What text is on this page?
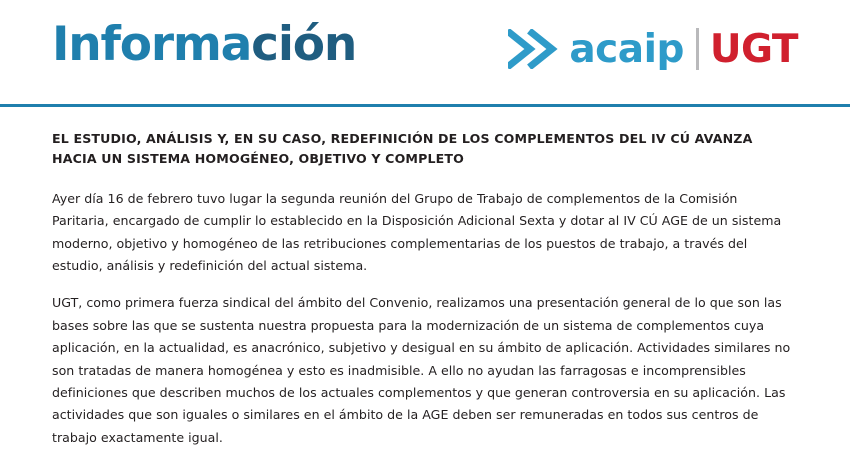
Información	acaip UGT

EL ESTUDIO, ANÁLISIS Y, EN SU CASO, REDEFINICIÓN DE LOS COMPLEMENTOS DEL IV CÚ AVANZA HACIA UN SISTEMA HOMOGÉNEO, OBJETIVO Y COMPLETO

Ayer día 16 de febrero tuvo lugar la segunda reunión del Grupo de Trabajo de complementos de la Comisión Paritaria, encargado de cumplir lo establecido en la Disposición Adicional Sexta y dotar al IV CÚ AGE de un sistema moderno, objetivo y homogéneo de las retribuciones complementarias de los puestos de trabajo, a través del estudio, análisis y redefinición del actual sistema.

UGT, como primera fuerza sindical del ámbito del Convenio, realizamos una presentación general de lo que son las bases sobre las que se sustenta nuestra propuesta para la modernización de un sistema de complementos cuya aplicación, en la actualidad, es anacrónico, subjetivo y desigual en su ámbito de aplicación. Actividades similares no son tratadas de manera homogénea y esto es inadmisible. A ello no ayudan las farragosas e incomprensibles definiciones que describen muchos de los actuales complementos y que generan controversia en su aplicación. Las actividades que son iguales o similares en el ámbito de la AGE deben ser remuneradas en todos sus centros de trabajo exactamente igual.
